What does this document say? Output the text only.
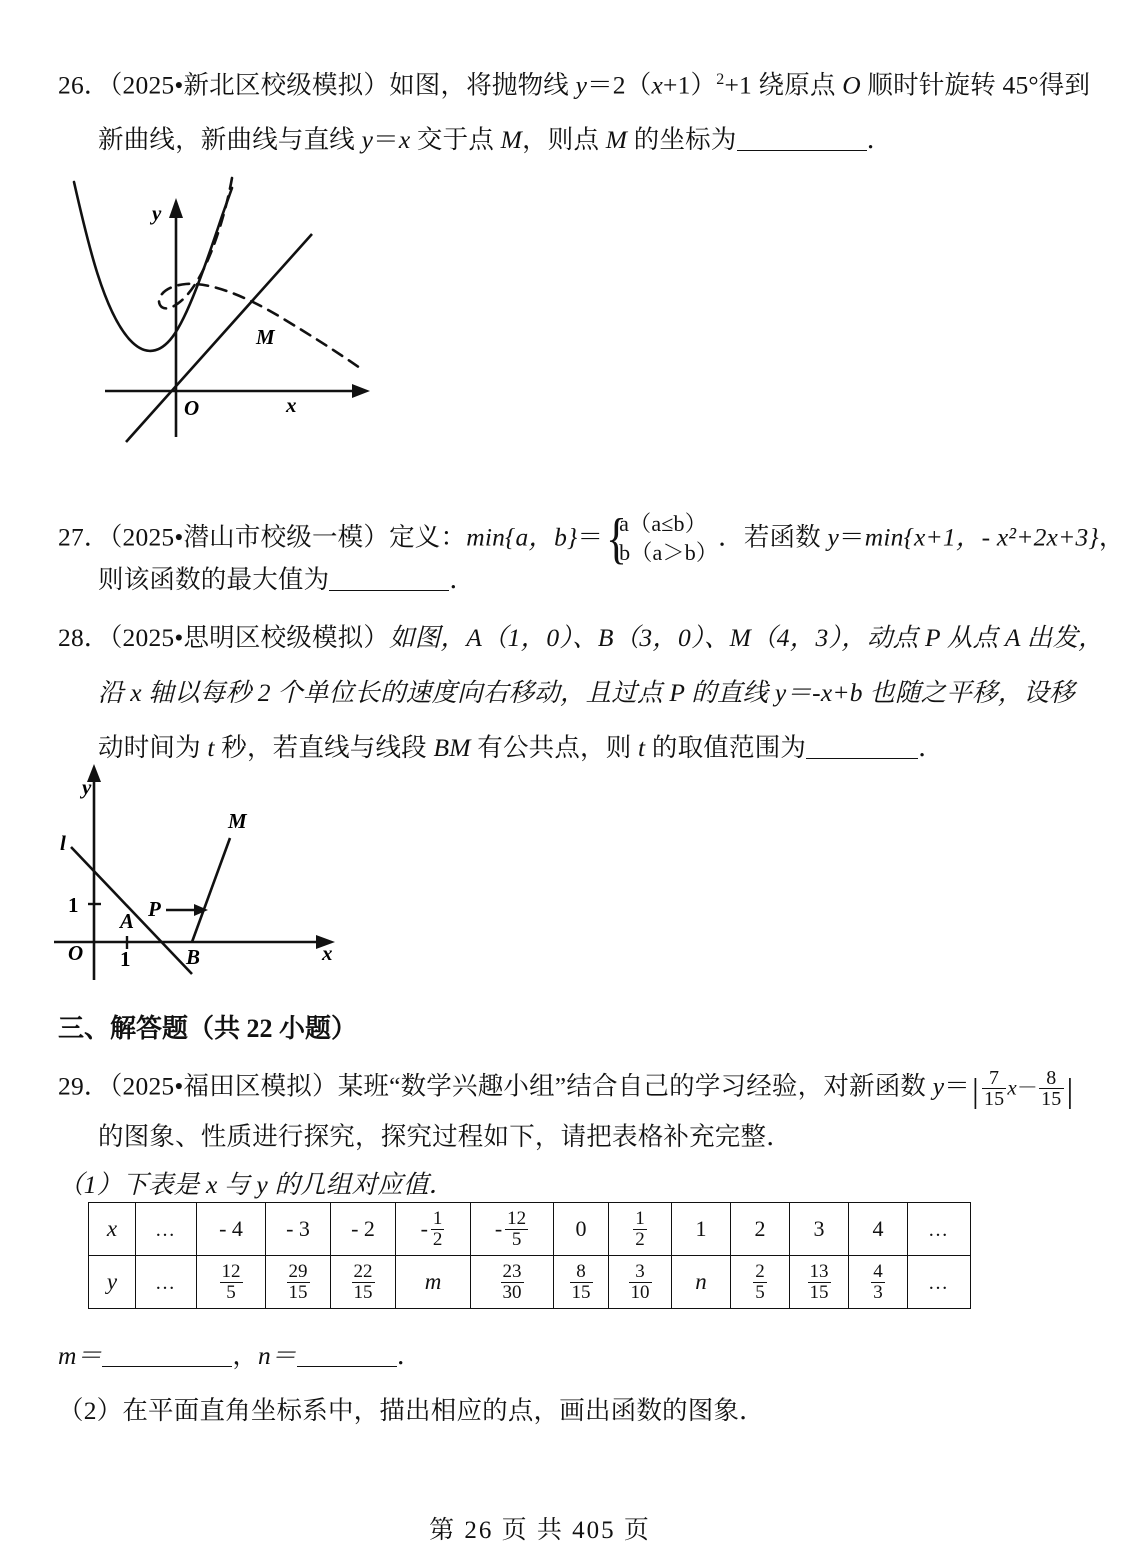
26．（2025•新北区校级模拟）如图，将抛物线 $y=2(x+1)^2+1$ 绕原点 O 顺时针旋转 45°得到
新曲线，新曲线与直线 y＝x 交于点 M，则点 M 的坐标为	．
y
x
O
M
27．（2025•潜山市校级一模）定义：min{a，b}＝ {
a（a≤b）
b（a＞b）
．若函数 y＝min{x+1，‑ x²+2x+3}，
则该函数的最大值为	．
28．（2025•思明区校级模拟）如图，A（1，0）、B（3，0）、M（4，3），动点 P 从点 A 出发，
沿 x 轴以每秒 2 个单位长的速度向右移动，且过点 P 的直线 y＝‑x+b 也随之平移，设移
动时间为 t 秒，若直线与线段 BM 有公共点，则 t 的取值范围为	．
y
x
O 1
1
l
A
B
M
P
三、解答题（共 22 小题）
29．（2025•福田区模拟）某班“数学兴趣小组”结合自己的学习经验，对新函数 $y=| \frac{7}{15} x- \frac{8}{15}$ |
的图象、性质进行探究，探究过程如下，请把表格补充完整．
（1）下表是 x 与 y 的几组对应值．
x	…	‑ 4	‑ 3	‑ 2	‑ $\frac{1}{2}$	‑ $\frac{12}{5}$	0	$\frac{1}{2}$	1	2	3	4	…
y	…	$\frac{12}{5}$	$\frac{29}{15}$	$\frac{22}{15}$	m	$\frac{23}{30}$	$\frac{8}{15}$	$\frac{3}{10}$	n	$\frac{2}{5}$	$\frac{13}{15}$	$\frac{4}{3}$	…
m＝	，n＝	．
（2）在平面直角坐标系中，描出相应的点，画出函数的图象．
第 26 页 共 405 页
